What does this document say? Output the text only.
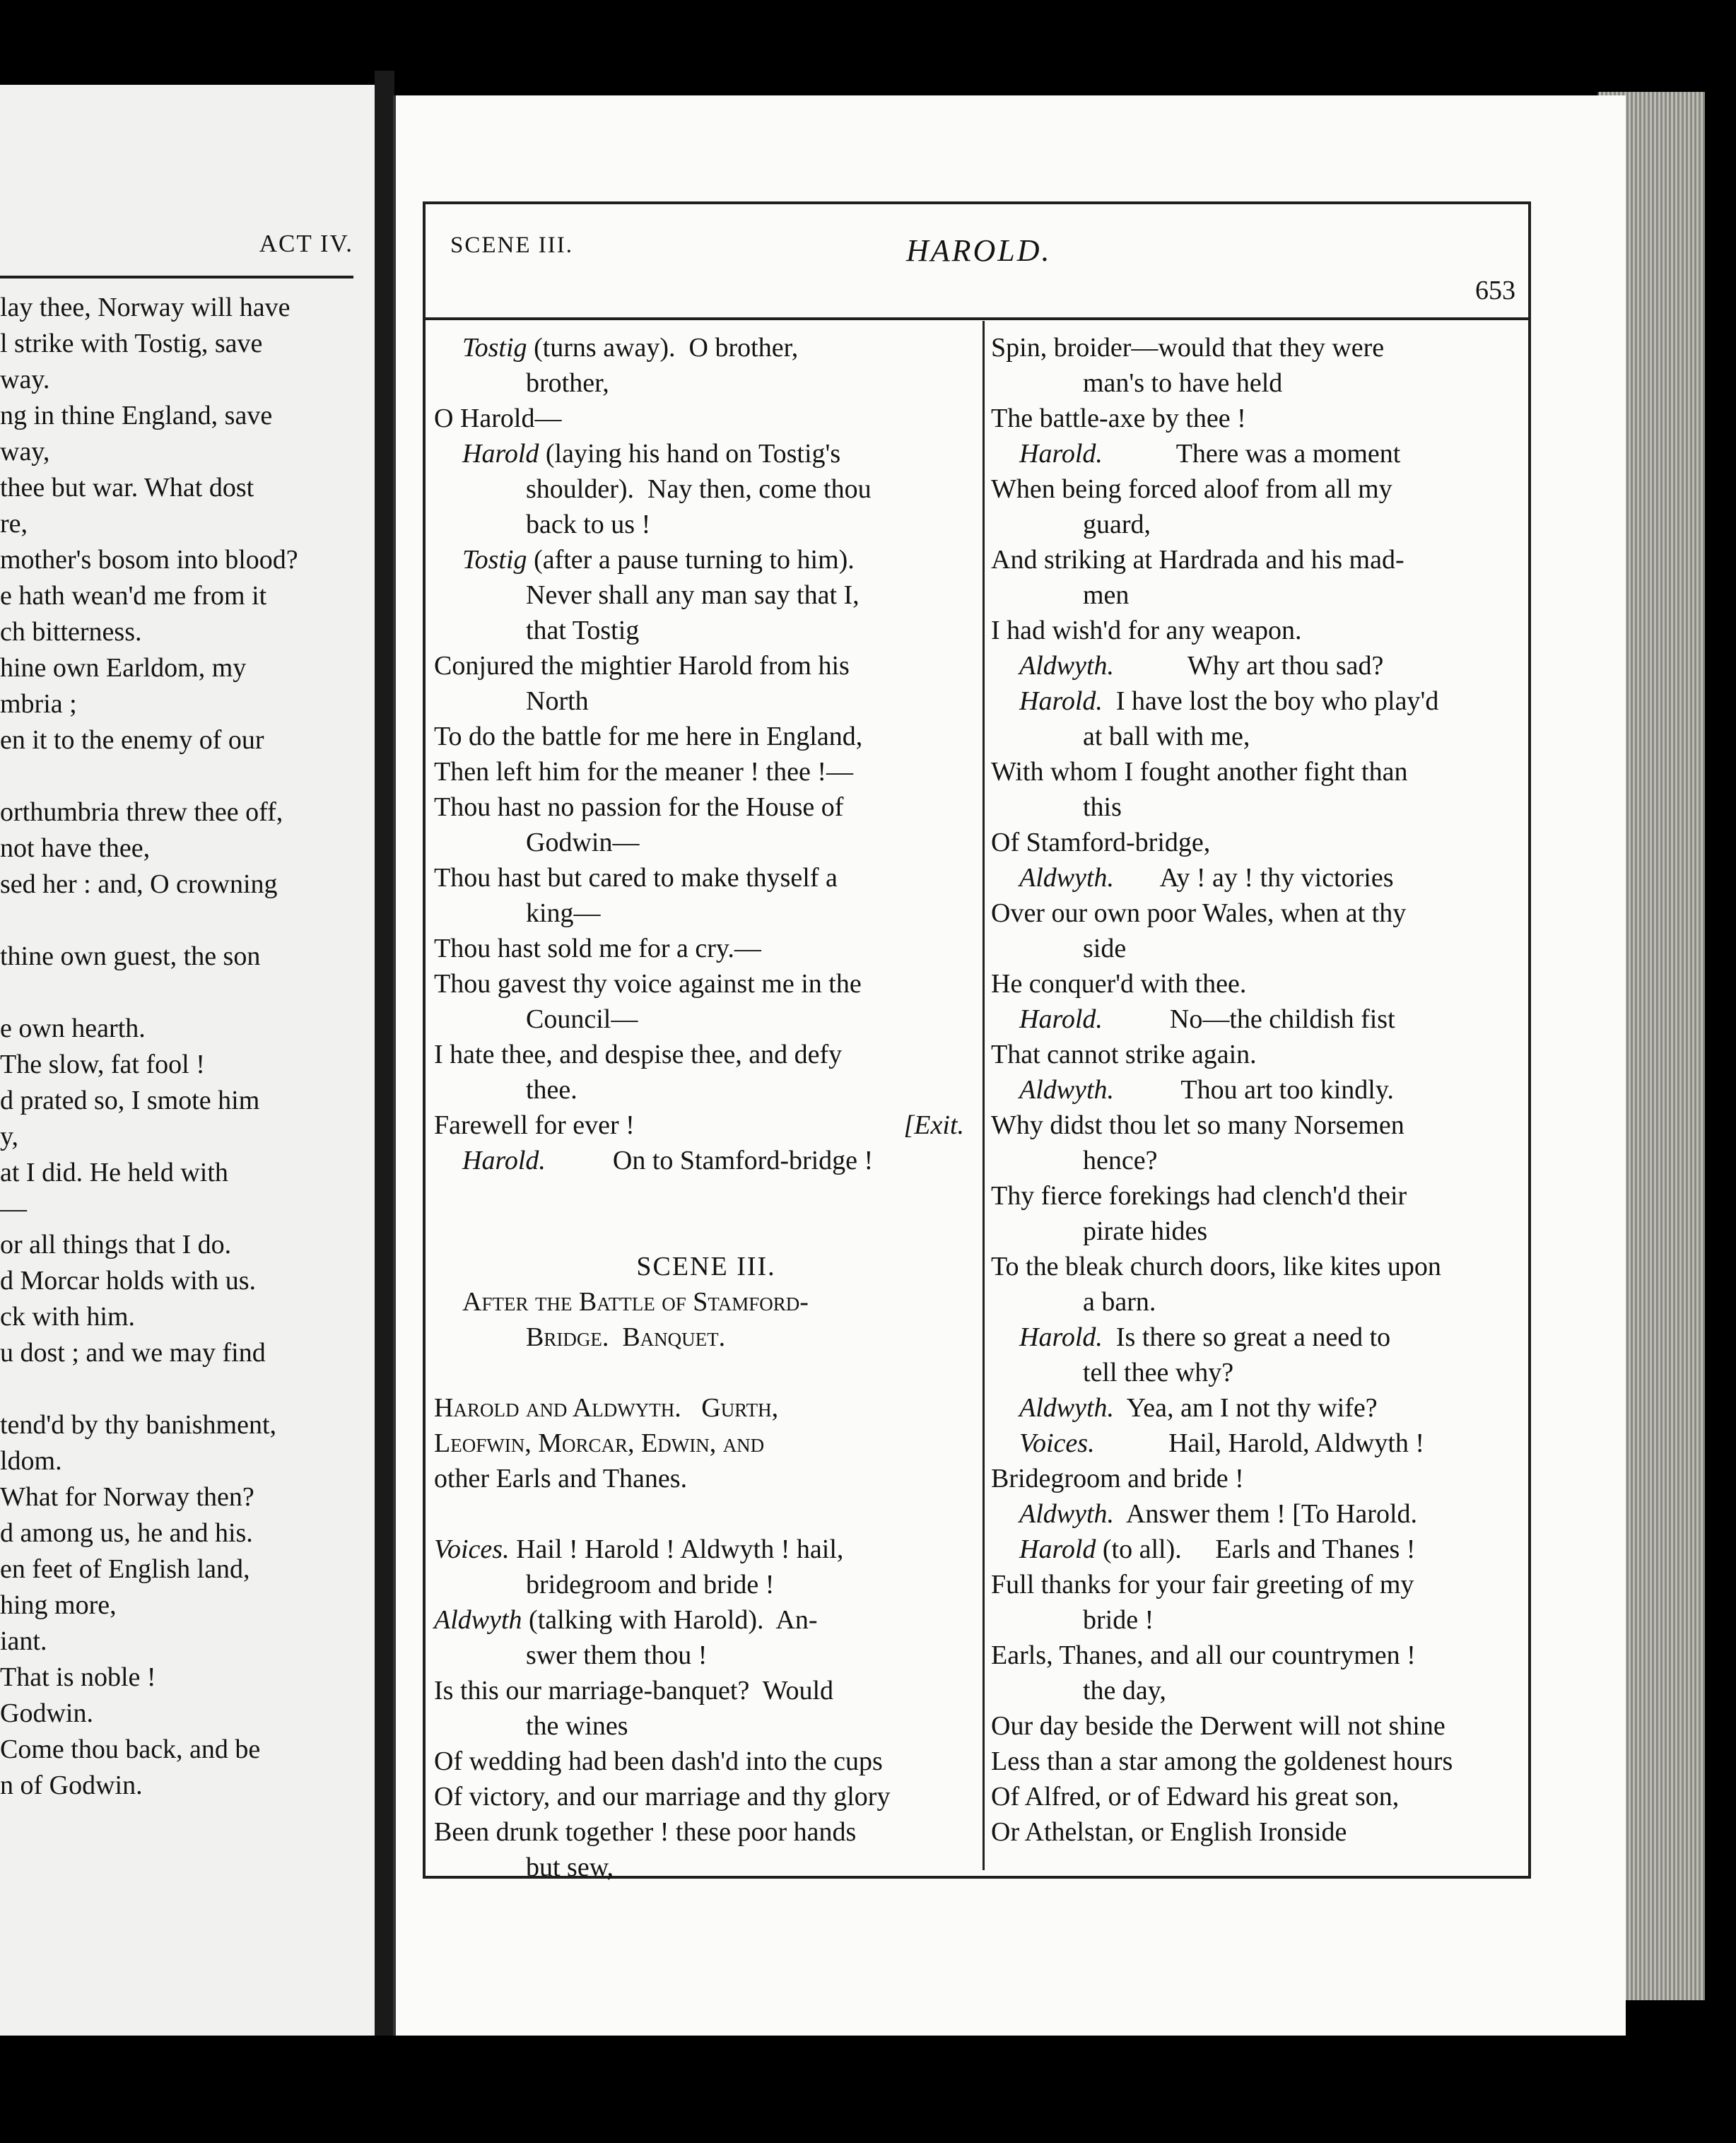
ACT IV.
lay thee, Norway will have
l strike with Tostig, save
way.
ng in thine England, save
way,
thee but war. What dost
re,
mother's bosom into blood?
e hath wean'd me from it
ch bitterness.
hine own Earldom, my
mbria ;
en it to the enemy of our
orthumbria threw thee off,
not have thee,
sed her : and, O crowning
thine own guest, the son
e own hearth.
The slow, fat fool !
d prated so, I smote him
y,
at I did. He held with
—
or all things that I do.
d Morcar holds with us.
ck with him.
u dost ; and we may find
tend'd by thy banishment,
ldom.
What for Norway then?
d among us, he and his.
en feet of English land,
hing more,
iant.
That is noble !
Godwin.
Come thou back, and be
n of Godwin.
SCENE III.	HAROLD.
653
Tostig (turns away).  O brother,
brother,
O Harold—
Harold (laying his hand on Tostig's
shoulder).  Nay then, come thou
back to us !
Tostig (after a pause turning to him).
Never shall any man say that I,
that Tostig
Conjured the mightier Harold from his
North
To do the battle for me here in England,
Then left him for the meaner ! thee !—
Thou hast no passion for the House of
Godwin—
Thou hast but cared to make thyself a
king—
Thou hast sold me for a cry.—
Thou gavest thy voice against me in the
Council—
I hate thee, and despise thee, and defy
thee.
Farewell for ever !	[Exit.
Harold.          On to Stamford-bridge !

SCENE III.
After the Battle of Stamford-
Bridge.  Banquet.

Harold and Aldwyth.   Gurth,
Leofwin, Morcar, Edwin, and
other Earls and Thanes.

Voices. Hail ! Harold ! Aldwyth ! hail,
bridegroom and bride !
Aldwyth (talking with Harold).  An-
swer them thou !
Is this our marriage-banquet?  Would
the wines
Of wedding had been dash'd into the cups
Of victory, and our marriage and thy glory
Been drunk together ! these poor hands
but sew,
Spin, broider—would that they were
man's to have held
The battle-axe by thee !
Harold.           There was a moment
When being forced aloof from all my
guard,
And striking at Hardrada and his mad-
men
I had wish'd for any weapon.
Aldwyth.           Why art thou sad?
Harold.  I have lost the boy who play'd
at ball with me,
With whom I fought another fight than
this
Of Stamford-bridge,
Aldwyth.       Ay ! ay ! thy victories
Over our own poor Wales, when at thy
side
He conquer'd with thee.
Harold.          No—the childish fist
That cannot strike again.
Aldwyth.          Thou art too kindly.
Why didst thou let so many Norsemen
hence?
Thy fierce forekings had clench'd their
pirate hides
To the bleak church doors, like kites upon
a barn.
Harold.  Is there so great a need to
tell thee why?
Aldwyth.  Yea, am I not thy wife?
Voices.           Hail, Harold, Aldwyth !
Bridegroom and bride !
Aldwyth.  Answer them ! [To Harold.
Harold (to all).     Earls and Thanes !
Full thanks for your fair greeting of my
bride !
Earls, Thanes, and all our countrymen !
the day,
Our day beside the Derwent will not shine
Less than a star among the goldenest hours
Of Alfred, or of Edward his great son,
Or Athelstan, or English Ironside
